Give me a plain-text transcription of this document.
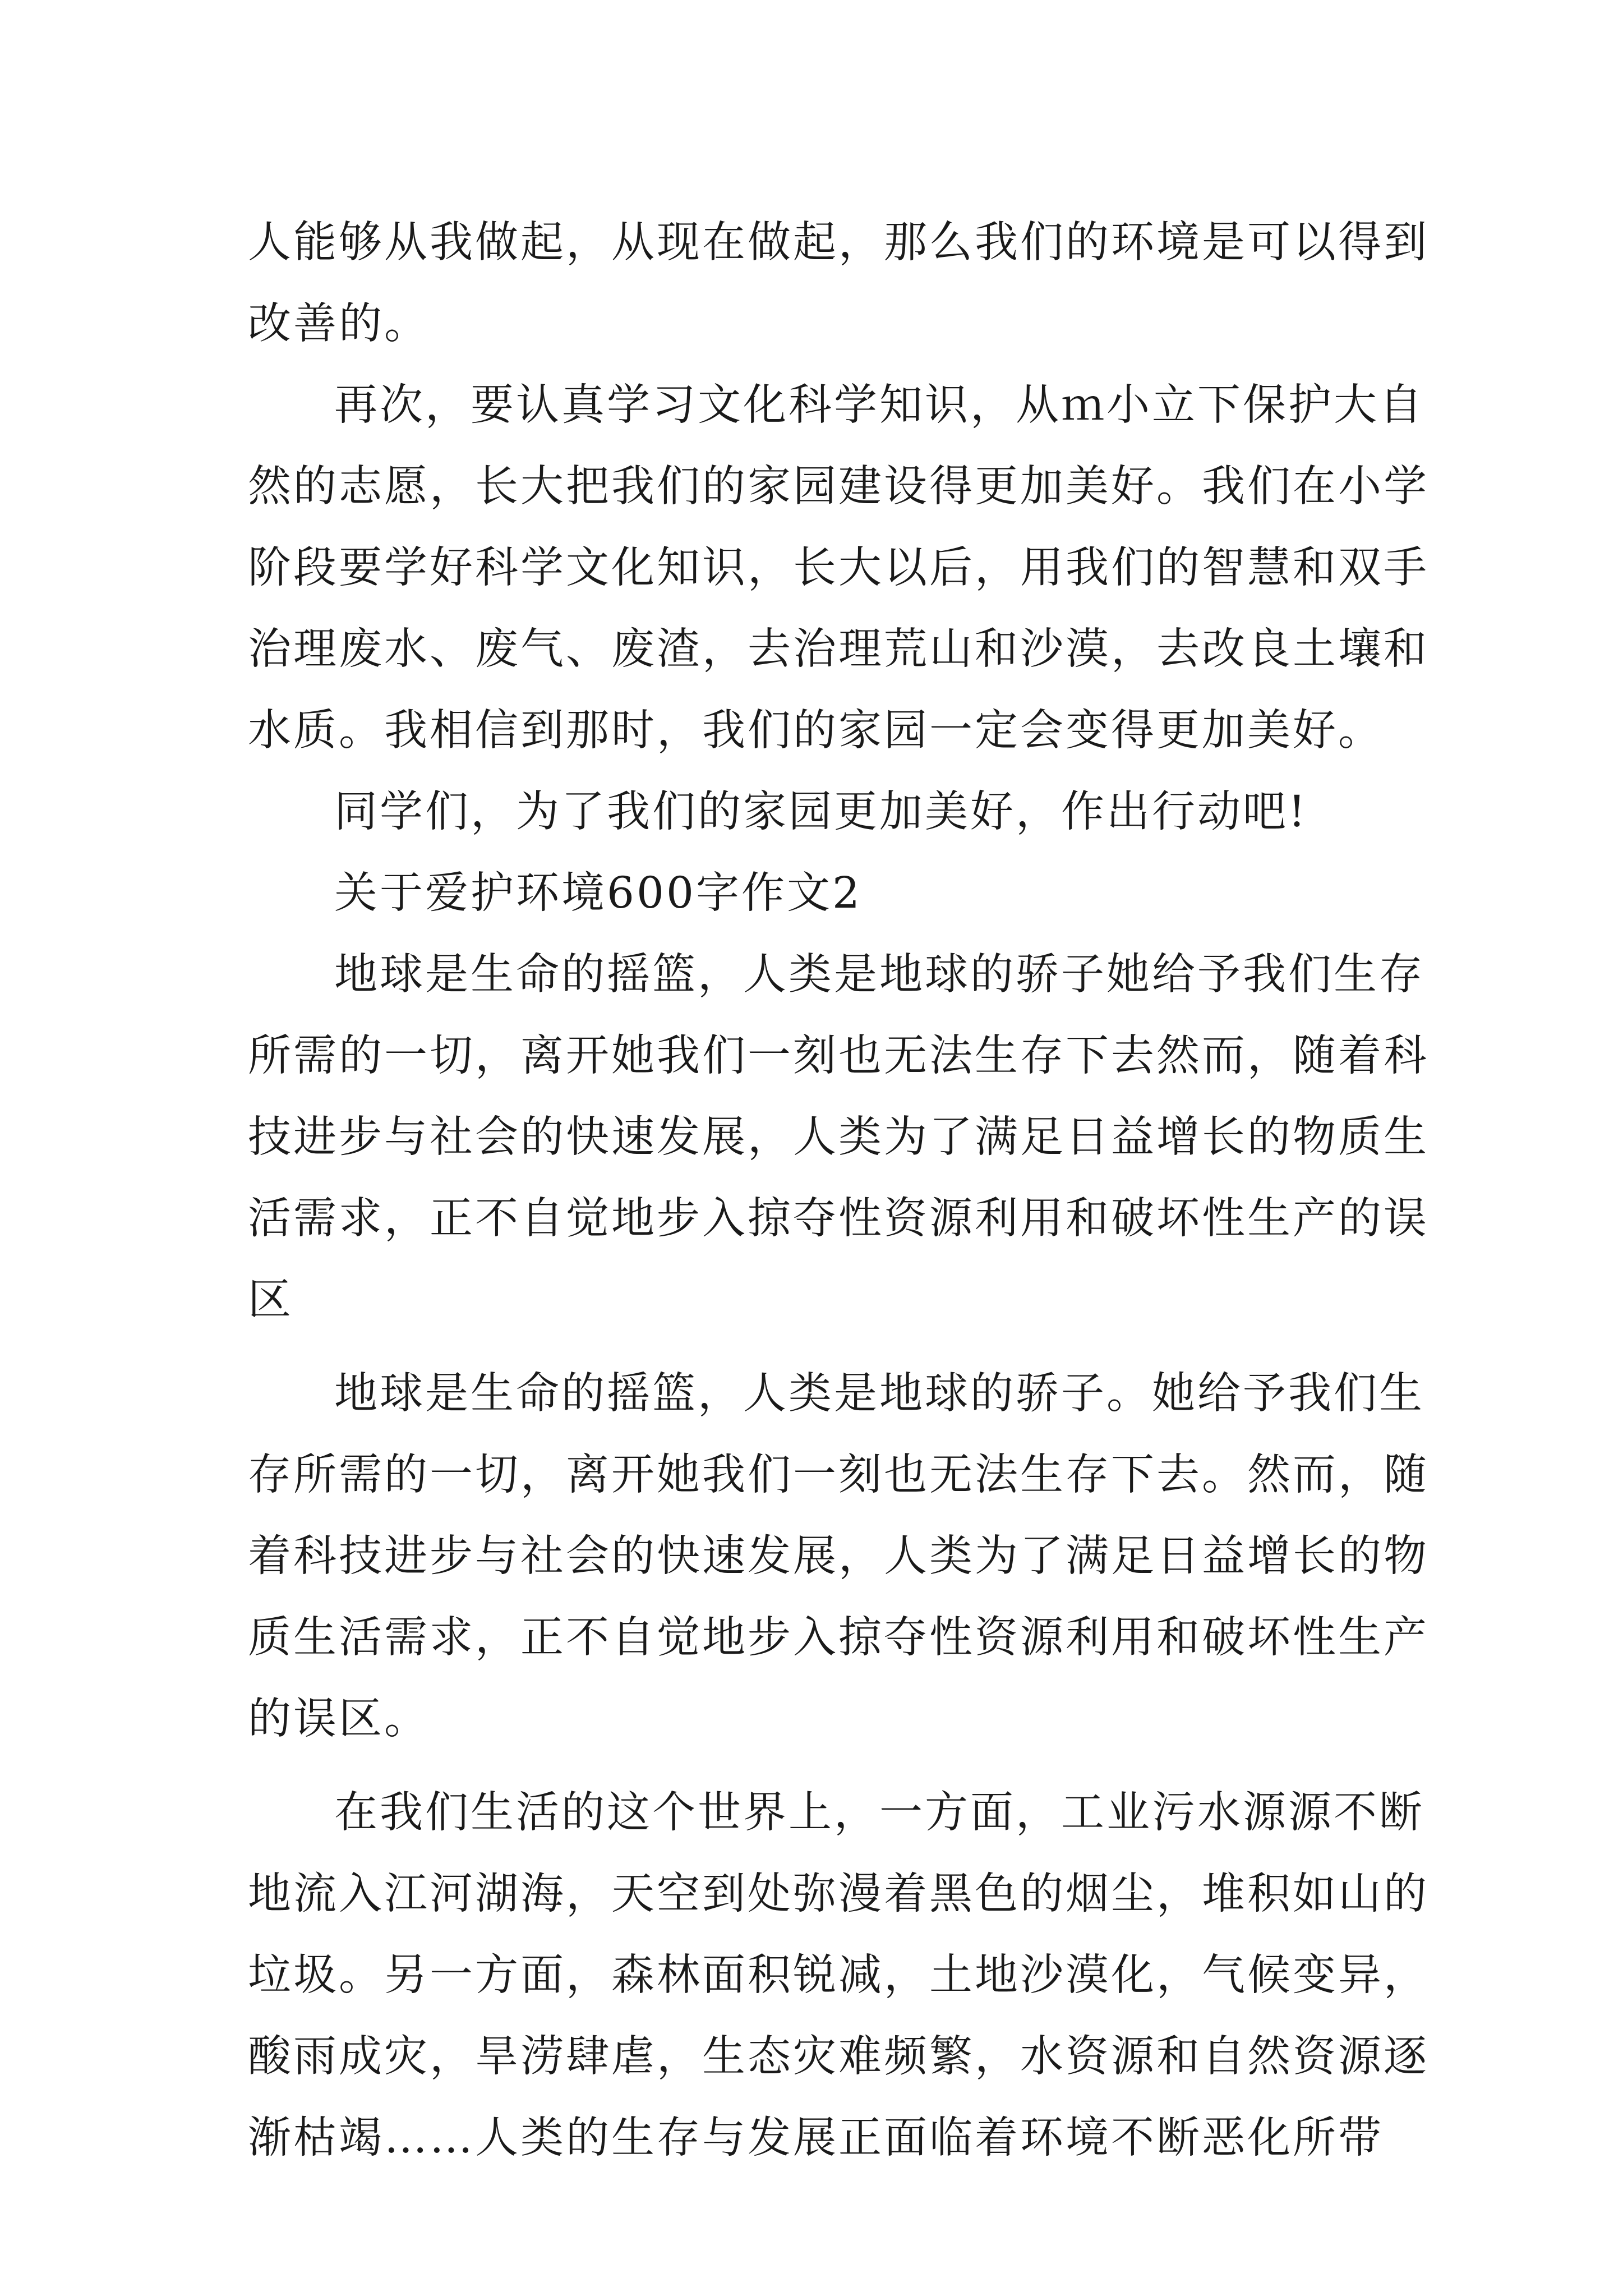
人能够从我做起，从现在做起，那么我们的环境是可以得到
改善的。
再次，要认真学习文化科学知识，从ｍ小立下保护大自
然的志愿，长大把我们的家园建设得更加美好。我们在小学
阶段要学好科学文化知识，长大以后，用我们的智慧和双手
治理废水、废气、废渣，去治理荒山和沙漠，去改良土壤和
水质。我相信到那时，我们的家园一定会变得更加美好。
同学们，为了我们的家园更加美好，作出行动吧!
关于爱护环境600字作文2
地球是生命的摇篮，人类是地球的骄子她给予我们生存
所需的一切，离开她我们一刻也无法生存下去然而，随着科
技进步与社会的快速发展，人类为了满足日益增长的物质生
活需求，正不自觉地步入掠夺性资源利用和破坏性生产的误
区
地球是生命的摇篮，人类是地球的骄子。她给予我们生
存所需的一切，离开她我们一刻也无法生存下去。然而，随
着科技进步与社会的快速发展，人类为了满足日益增长的物
质生活需求，正不自觉地步入掠夺性资源利用和破坏性生产
的误区。
在我们生活的这个世界上，一方面，工业污水源源不断
地流入江河湖海，天空到处弥漫着黑色的烟尘，堆积如山的
垃圾。另一方面，森林面积锐减，土地沙漠化，气候变异，
酸雨成灾，旱涝肆虐，生态灾难频繁，水资源和自然资源逐
渐枯竭……人类的生存与发展正面临着环境不断恶化所带
